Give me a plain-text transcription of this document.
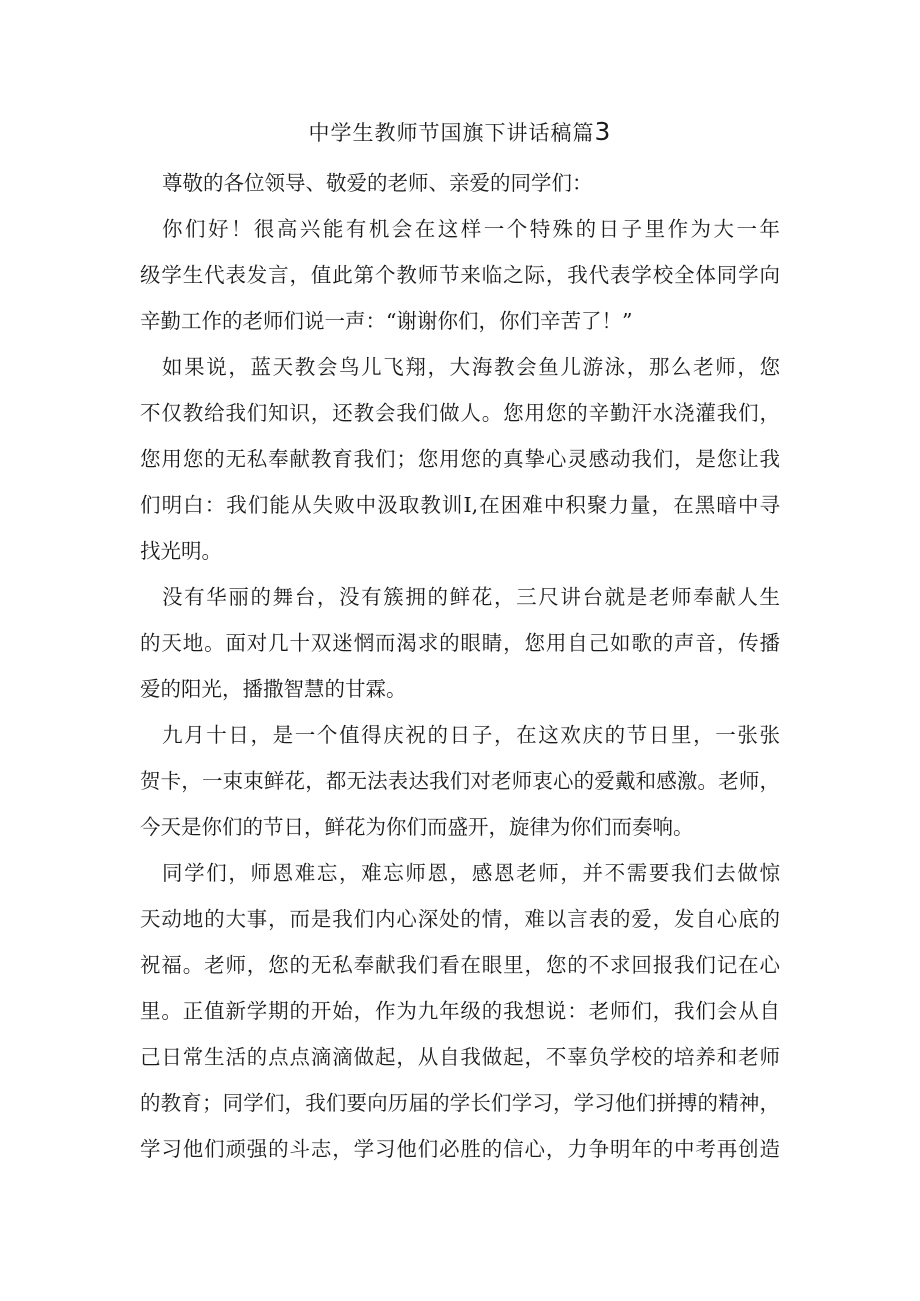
中学生教师节国旗下讲话稿篇3
尊敬的各位领导、敬爱的老师、亲爱的同学们：
你们好！很高兴能有机会在这样一个特殊的日子里作为大一年
级学生代表发言，值此第个教师节来临之际，我代表学校全体同学向
辛勤工作的老师们说一声：“谢谢你们，你们辛苦了！”
如果说，蓝天教会鸟儿飞翔，大海教会鱼儿游泳，那么老师，您
不仅教给我们知识，还教会我们做人。您用您的辛勤汗水浇灌我们，
您用您的无私奉献教育我们；您用您的真挚心灵感动我们，是您让我
们明白：我们能从失败中汲取教训I,在困难中积聚力量，在黑暗中寻
找光明。
没有华丽的舞台，没有簇拥的鲜花，三尺讲台就是老师奉献人生
的天地。面对几十双迷惘而渴求的眼睛，您用自己如歌的声音，传播
爱的阳光，播撒智慧的甘霖。
九月十日，是一个值得庆祝的日子，在这欢庆的节日里，一张张
贺卡，一束束鲜花，都无法表达我们对老师衷心的爱戴和感激。老师，
今天是你们的节日，鲜花为你们而盛开，旋律为你们而奏响。
同学们，师恩难忘，难忘师恩，感恩老师，并不需要我们去做惊
天动地的大事，而是我们内心深处的情，难以言表的爱，发自心底的
祝福。老师，您的无私奉献我们看在眼里，您的不求回报我们记在心
里。正值新学期的开始，作为九年级的我想说：老师们，我们会从自
己日常生活的点点滴滴做起，从自我做起，不辜负学校的培养和老师
的教育；同学们，我们要向历届的学长们学习，学习他们拼搏的精神，
学习他们顽强的斗志，学习他们必胜的信心，力争明年的中考再创造
